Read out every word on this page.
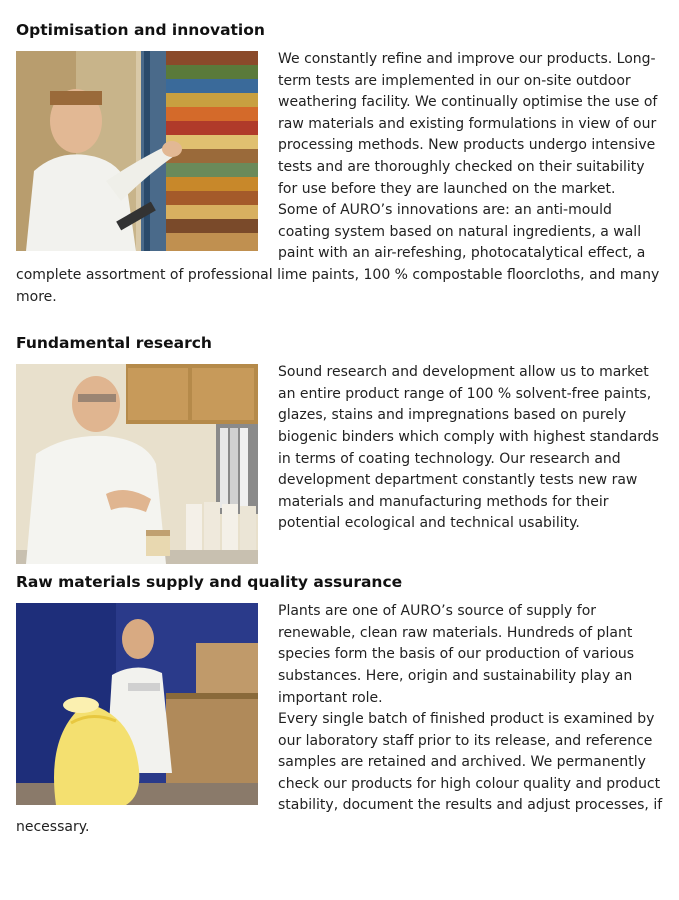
Optimisation and innovation

We constantly refine and improve our products. Long-term tests are implemented in our on-site outdoor weathering facility. We continually optimise the use of raw materials and existing formulations in view of our processing methods. New products undergo intensive tests and are thoroughly checked on their suitability for use before they are launched on the market.

Some of AURO’s innovations are: an anti-mould coating system based on natural ingredients, a wall paint with an air-refeshing, photocatalytical effect, a complete assortment of professional lime paints, 100 % compostable floorcloths, and many more.

Fundamental research

Sound research and development allow us to market an entire product range of 100 % solvent-free paints, glazes, stains and impregnations based on purely biogenic binders which comply with highest standards in terms of coating technology. Our research and development department constantly tests new raw materials and manufacturing methods for their potential ecological and technical usability.

Raw materials supply and quality assurance

Plants are one of AURO’s source of supply for renewable, clean raw materials. Hundreds of plant species form the basis of our production of various substances. Here, origin and sustainability play an important role.

Every single batch of finished product is examined by our laboratory staff prior to its release, and reference samples are retained and archived. We permanently check our products for high colour quality and product stability, document the results and adjust processes, if necessary.
